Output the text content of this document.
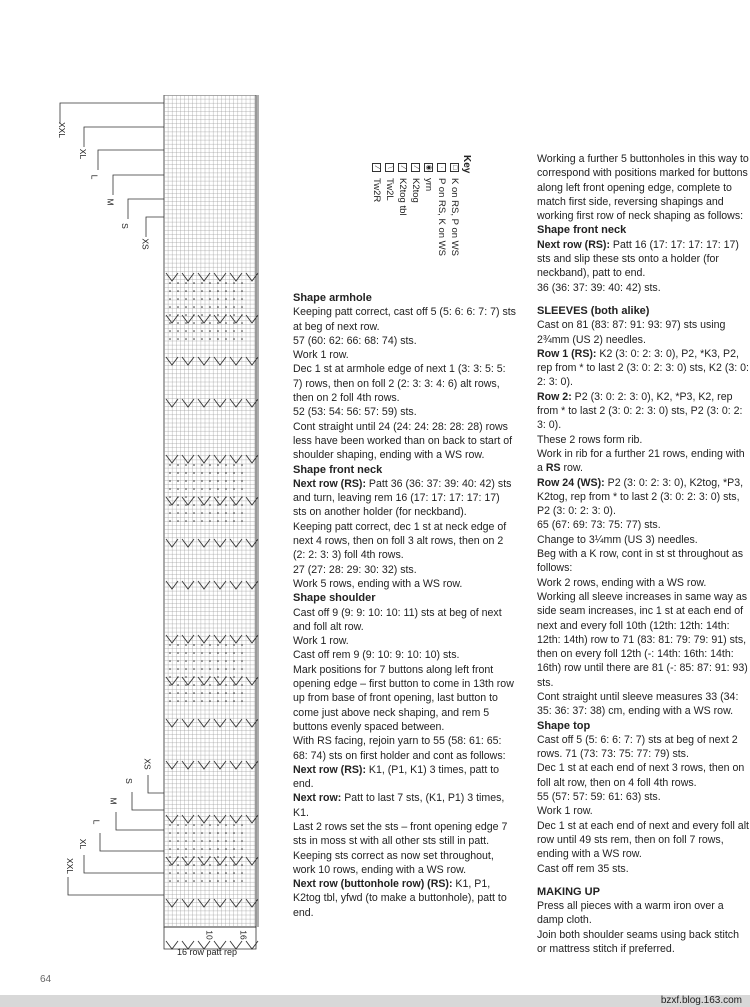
XXL
XL
L
M
S
XS
XS
S
M
L
XL
XXL
10	16
16 row patt rep
Key
□K on RS, P on WS
·P on RS, K on WS
◉yrn
⁄K2tog
⁄K2tog tbl
⧵Tw2L
⁄Tw2R

Shape armhole

Keeping patt correct, cast off 5 (5: 6: 6: 7: 7) sts at beg of next row.

57 (60: 62: 66: 68: 74) sts.

Work 1 row.

Dec 1 st at armhole edge of next 1 (3: 3: 5: 5: 7) rows, then on foll 2 (2: 3: 3: 4: 6) alt rows, then on 2 foll 4th rows.

52 (53: 54: 56: 57: 59) sts.

Cont straight until 24 (24: 24: 28: 28: 28) rows less have been worked than on back to start of shoulder shaping, ending with a WS row.

Shape front neck

Next row (RS): Patt 36 (36: 37: 39: 40: 42) sts and turn, leaving rem 16 (17: 17: 17: 17: 17) sts on another holder (for neckband).

Keeping patt correct, dec 1 st at neck edge of next 4 rows, then on foll 3 alt rows, then on 2 (2: 2: 3: 3) foll 4th rows.

27 (27: 28: 29: 30: 32) sts.

Work 5 rows, ending with a WS row.

Shape shoulder

Cast off 9 (9: 9: 10: 10: 11) sts at beg of next and foll alt row.

Work 1 row.

Cast off rem 9 (9: 10: 9: 10: 10) sts.

Mark positions for 7 buttons along left front opening edge – first button to come in 13th row up from base of front opening, last button to come just above neck shaping, and rem 5 buttons evenly spaced between.

With RS facing, rejoin yarn to 55 (58: 61: 65: 68: 74) sts on first holder and cont as follows:

Next row (RS): K1, (P1, K1) 3 times, patt to end.

Next row: Patt to last 7 sts, (K1, P1) 3 times, K1.

Last 2 rows set the sts – front opening edge 7 sts in moss st with all other sts still in patt.

Keeping sts correct as now set throughout, work 10 rows, ending with a WS row.

Next row (buttonhole row) (RS): K1, P1, K2tog tbl, yfwd (to make a buttonhole), patt to end.

Working a further 5 buttonholes in this way to correspond with positions marked for buttons along left front opening edge, complete to match first side, reversing shapings and working first row of neck shaping as follows:

Shape front neck

Next row (RS): Patt 16 (17: 17: 17: 17: 17) sts and slip these sts onto a holder (for neckband), patt to end.

36 (36: 37: 39: 40: 42) sts.

SLEEVES (both alike)

Cast on 81 (83: 87: 91: 93: 97) sts using 2¾mm (US 2) needles.

Row 1 (RS): K2 (3: 0: 2: 3: 0), P2, *K3, P2, rep from * to last 2 (3: 0: 2: 3: 0) sts, K2 (3: 0: 2: 3: 0).

Row 2: P2 (3: 0: 2: 3: 0), K2, *P3, K2, rep from * to last 2 (3: 0: 2: 3: 0) sts, P2 (3: 0: 2: 3: 0).

These 2 rows form rib.

Work in rib for a further 21 rows, ending with a RS row.

Row 24 (WS): P2 (3: 0: 2: 3: 0), K2tog, *P3, K2tog, rep from * to last 2 (3: 0: 2: 3: 0) sts, P2 (3: 0: 2: 3: 0).

65 (67: 69: 73: 75: 77) sts.

Change to 3¼mm (US 3) needles.

Beg with a K row, cont in st st throughout as follows:

Work 2 rows, ending with a WS row.

Working all sleeve increases in same way as side seam increases, inc 1 st at each end of next and every foll 10th (12th: 12th: 14th: 12th: 14th) row to 71 (83: 81: 79: 79: 91) sts, then on every foll 12th (-: 14th: 16th: 14th: 16th) row until there are 81 (-: 85: 87: 91: 93) sts.

Cont straight until sleeve measures 33 (34: 35: 36: 37: 38) cm, ending with a WS row.

Shape top

Cast off 5 (5: 6: 6: 7: 7) sts at beg of next 2 rows. 71 (73: 73: 75: 77: 79) sts.

Dec 1 st at each end of next 3 rows, then on foll alt row, then on 4 foll 4th rows.

55 (57: 57: 59: 61: 63) sts.

Work 1 row.

Dec 1 st at each end of next and every foll alt row until 49 sts rem, then on foll 7 rows, ending with a WS row.

Cast off rem 35 sts.

MAKING UP

Press all pieces with a warm iron over a damp cloth.

Join both shoulder seams using back stitch or mattress stitch if preferred.

64
bzxf.blog.163.com
